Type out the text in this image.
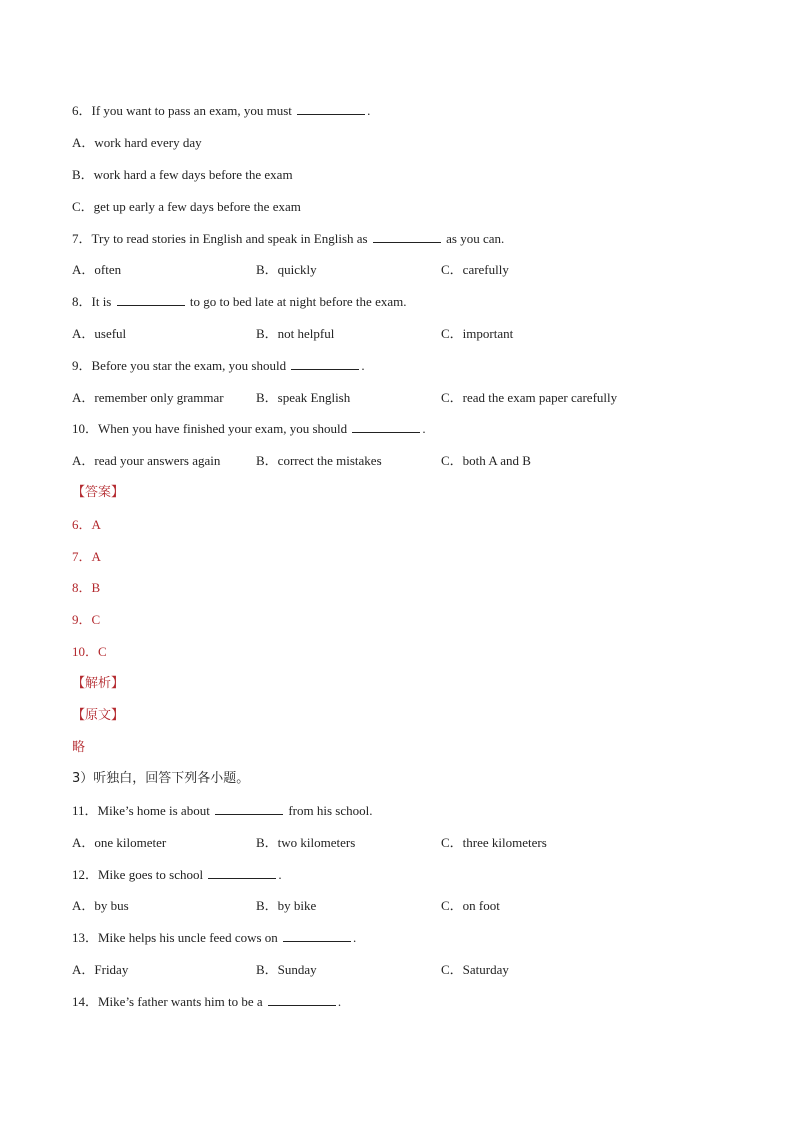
6．If you want to pass an exam, you must	.
A．work hard every day
B．work hard a few days before the exam
C．get up early a few days before the exam
7．Try to read stories in English and speak in English as	as you can.
A．often	B．quickly	C．carefully
8．It is	to go to bed late at night before the exam.
A．useful	B．not helpful	C．important
9．Before you star the exam, you should	.
A．remember only grammar B．speak English	C．read the exam paper carefully
10．When you have finished your exam, you should	.
A．read your answers again	B．correct the mistakes	C．both A and B
【答案】
6．A
7．A
8．B
9．C
10．C
【解析】
【原文】
略
3）听独白，回答下列各小题。
11．Mike’s home is about	from his school.
A．one kilometer	B．two kilometers	C．three kilometers
12．Mike goes to school	.
A．by bus	B．by bike	C．on foot
13．Mike helps his uncle feed cows on	.
A．Friday	B．Sunday	C．Saturday
14．Mike’s father wants him to be a	.
